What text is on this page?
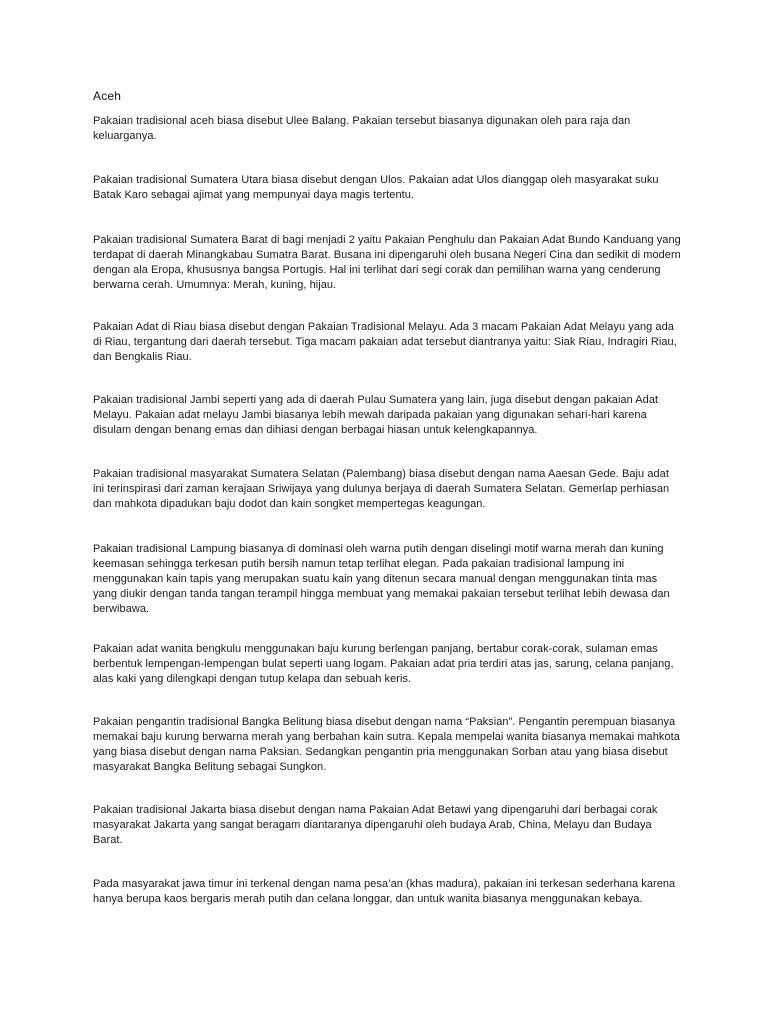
Aceh

Pakaian tradisional aceh biasa disebut Ulee Balang. Pakaian tersebut biasanya digunakan oleh para raja dan keluarganya.

Pakaian tradisional Sumatera Utara biasa disebut dengan Ulos. Pakaian adat Ulos dianggap oleh masyarakat suku Batak Karo sebagai ajimat yang mempunyai daya magis tertentu.

Pakaian tradisional Sumatera Barat di bagi menjadi 2 yaitu Pakaian Penghulu dan Pakaian Adat Bundo Kanduang yang terdapat di daerah Minangkabau Sumatra Barat. Busana ini dipengaruhi oleh busana Negeri Cina dan sedikit di modern dengan ala Eropa, khususnya bangsa Portugis. Hal ini terlihat dari segi corak dan pemilihan warna yang cenderung berwarna cerah. Umumnya: Merah, kuning, hijau.

Pakaian Adat di Riau biasa disebut dengan Pakaian Tradisional Melayu. Ada 3 macam Pakaian Adat Melayu yang ada di Riau, tergantung dari daerah tersebut. Tiga macam pakaian adat tersebut diantranya yaitu: Siak Riau, Indragiri Riau, dan Bengkalis Riau.

Pakaian tradisional Jambi seperti yang ada di daerah Pulau Sumatera yang lain, juga disebut dengan pakaian Adat Melayu. Pakaian adat melayu Jambi biasanya lebih mewah daripada pakaian yang digunakan sehari-hari karena disulam dengan benang emas dan dihiasi dengan berbagai hiasan untuk kelengkapannya.

Pakaian tradisional masyarakat Sumatera Selatan (Palembang) biasa disebut dengan nama Aaesan Gede. Baju adat ini terinspirasi dari zaman kerajaan Sriwijaya yang dulunya berjaya di daerah Sumatera Selatan. Gemerlap perhiasan dan mahkota dipadukan baju dodot dan kain songket mempertegas keagungan.

Pakaian tradisional Lampung biasanya di dominasi oleh warna putih dengan diselingi motif warna merah dan kuning keemasan sehingga terkesan putih bersih namun tetap terlihat elegan. Pada pakaian tradisional lampung ini menggunakan kain tapis yang merupakan suatu kain yang ditenun secara manual dengan menggunakan tinta mas yang diukir dengan tanda tangan terampil hingga membuat yang memakai pakaian tersebut terlihat lebih dewasa dan berwibawa.

Pakaian adat wanita bengkulu menggunakan baju kurung berlengan panjang, bertabur corak-corak, sulaman emas berbentuk lempengan-lempengan bulat seperti uang logam. Pakaian adat pria terdiri atas jas, sarung, celana panjang, alas kaki yang dilengkapi dengan tutup kelapa dan sebuah keris.

Pakaian pengantin tradisional Bangka Belitung biasa disebut dengan nama “Paksian”. Pengantin perempuan biasanya memakai baju kurung berwarna merah yang berbahan kain sutra. Kepala mempelai wanita biasanya memakai mahkota yang biasa disebut dengan nama Paksian. Sedangkan pengantin pria menggunakan Sorban atau yang biasa disebut masyarakat Bangka Belitung sebagai Sungkon.

Pakaian tradisional Jakarta biasa disebut dengan nama Pakaian Adat Betawi yang dipengaruhi dari berbagai corak masyarakat Jakarta yang sangat beragam diantaranya dipengaruhi oleh budaya Arab, China, Melayu dan Budaya Barat.

Pada masyarakat jawa timur ini terkenal dengan nama pesa’an (khas madura), pakaian ini terkesan sederhana karena hanya berupa kaos bergaris merah putih dan celana longgar, dan untuk wanita biasanya menggunakan kebaya.
